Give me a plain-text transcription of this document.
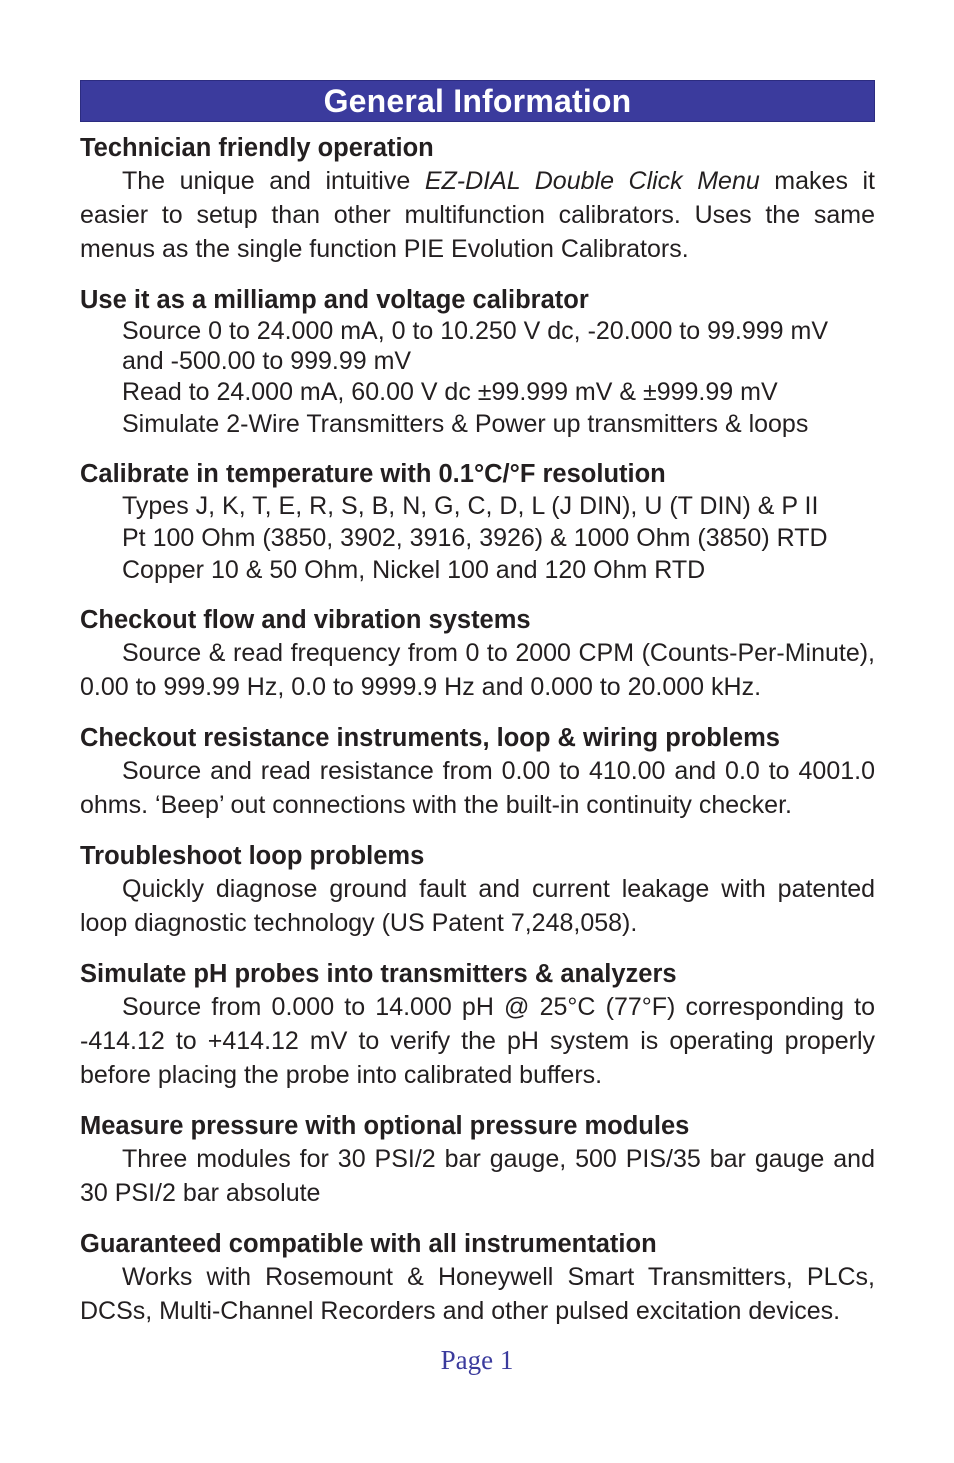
General Information
Technician friendly operation

The unique and intuitive EZ-DIAL Double Click Menu makes it easier to setup than other multifunction calibrators. Uses the same menus as the single function PIE Evolution Calibrators.

Use it as a milliamp and voltage calibrator
Source 0 to 24.000 mA, 0 to 10.250 V dc, -20.000 to 99.999 mV and -500.00 to 999.99 mV
Read to 24.000 mA, 60.00 V dc ±99.999 mV & ±999.99 mV
Simulate 2-Wire Transmitters & Power up transmitters & loops
Calibrate in temperature with 0.1°C/°F resolution
Types J, K, T, E, R, S, B, N, G, C, D, L (J DIN), U (T DIN) & P II
Pt 100 Ohm (3850, 3902, 3916, 3926) & 1000 Ohm (3850) RTD
Copper 10 & 50 Ohm, Nickel 100 and 120 Ohm RTD
Checkout flow and vibration systems

Source & read frequency from 0 to 2000 CPM (Counts-Per-Minute), 0.00 to 999.99 Hz, 0.0 to 9999.9 Hz and 0.000 to 20.000 kHz.

Checkout resistance instruments, loop & wiring problems

Source and read resistance from 0.00 to 410.00 and 0.0 to 4001.0 ohms. ‘Beep’ out connections with the built-in continuity checker.

Troubleshoot loop problems

Quickly diagnose ground fault and current leakage with patented loop diagnostic technology (US Patent 7,248,058).

Simulate pH probes into transmitters & analyzers

Source from 0.000 to 14.000 pH @ 25°C (77°F) corresponding to -414.12 to +414.12 mV to verify the pH system is operating properly before placing the probe into calibrated buffers.

Measure pressure with optional pressure modules

Three modules for 30 PSI/2 bar gauge, 500 PIS/35 bar gauge and 30 PSI/2 bar absolute

Guaranteed compatible with all instrumentation

Works with Rosemount & Honeywell Smart Transmitters, PLCs, DCSs, Multi-Channel Recorders and other pulsed excitation devices.

Page 1
